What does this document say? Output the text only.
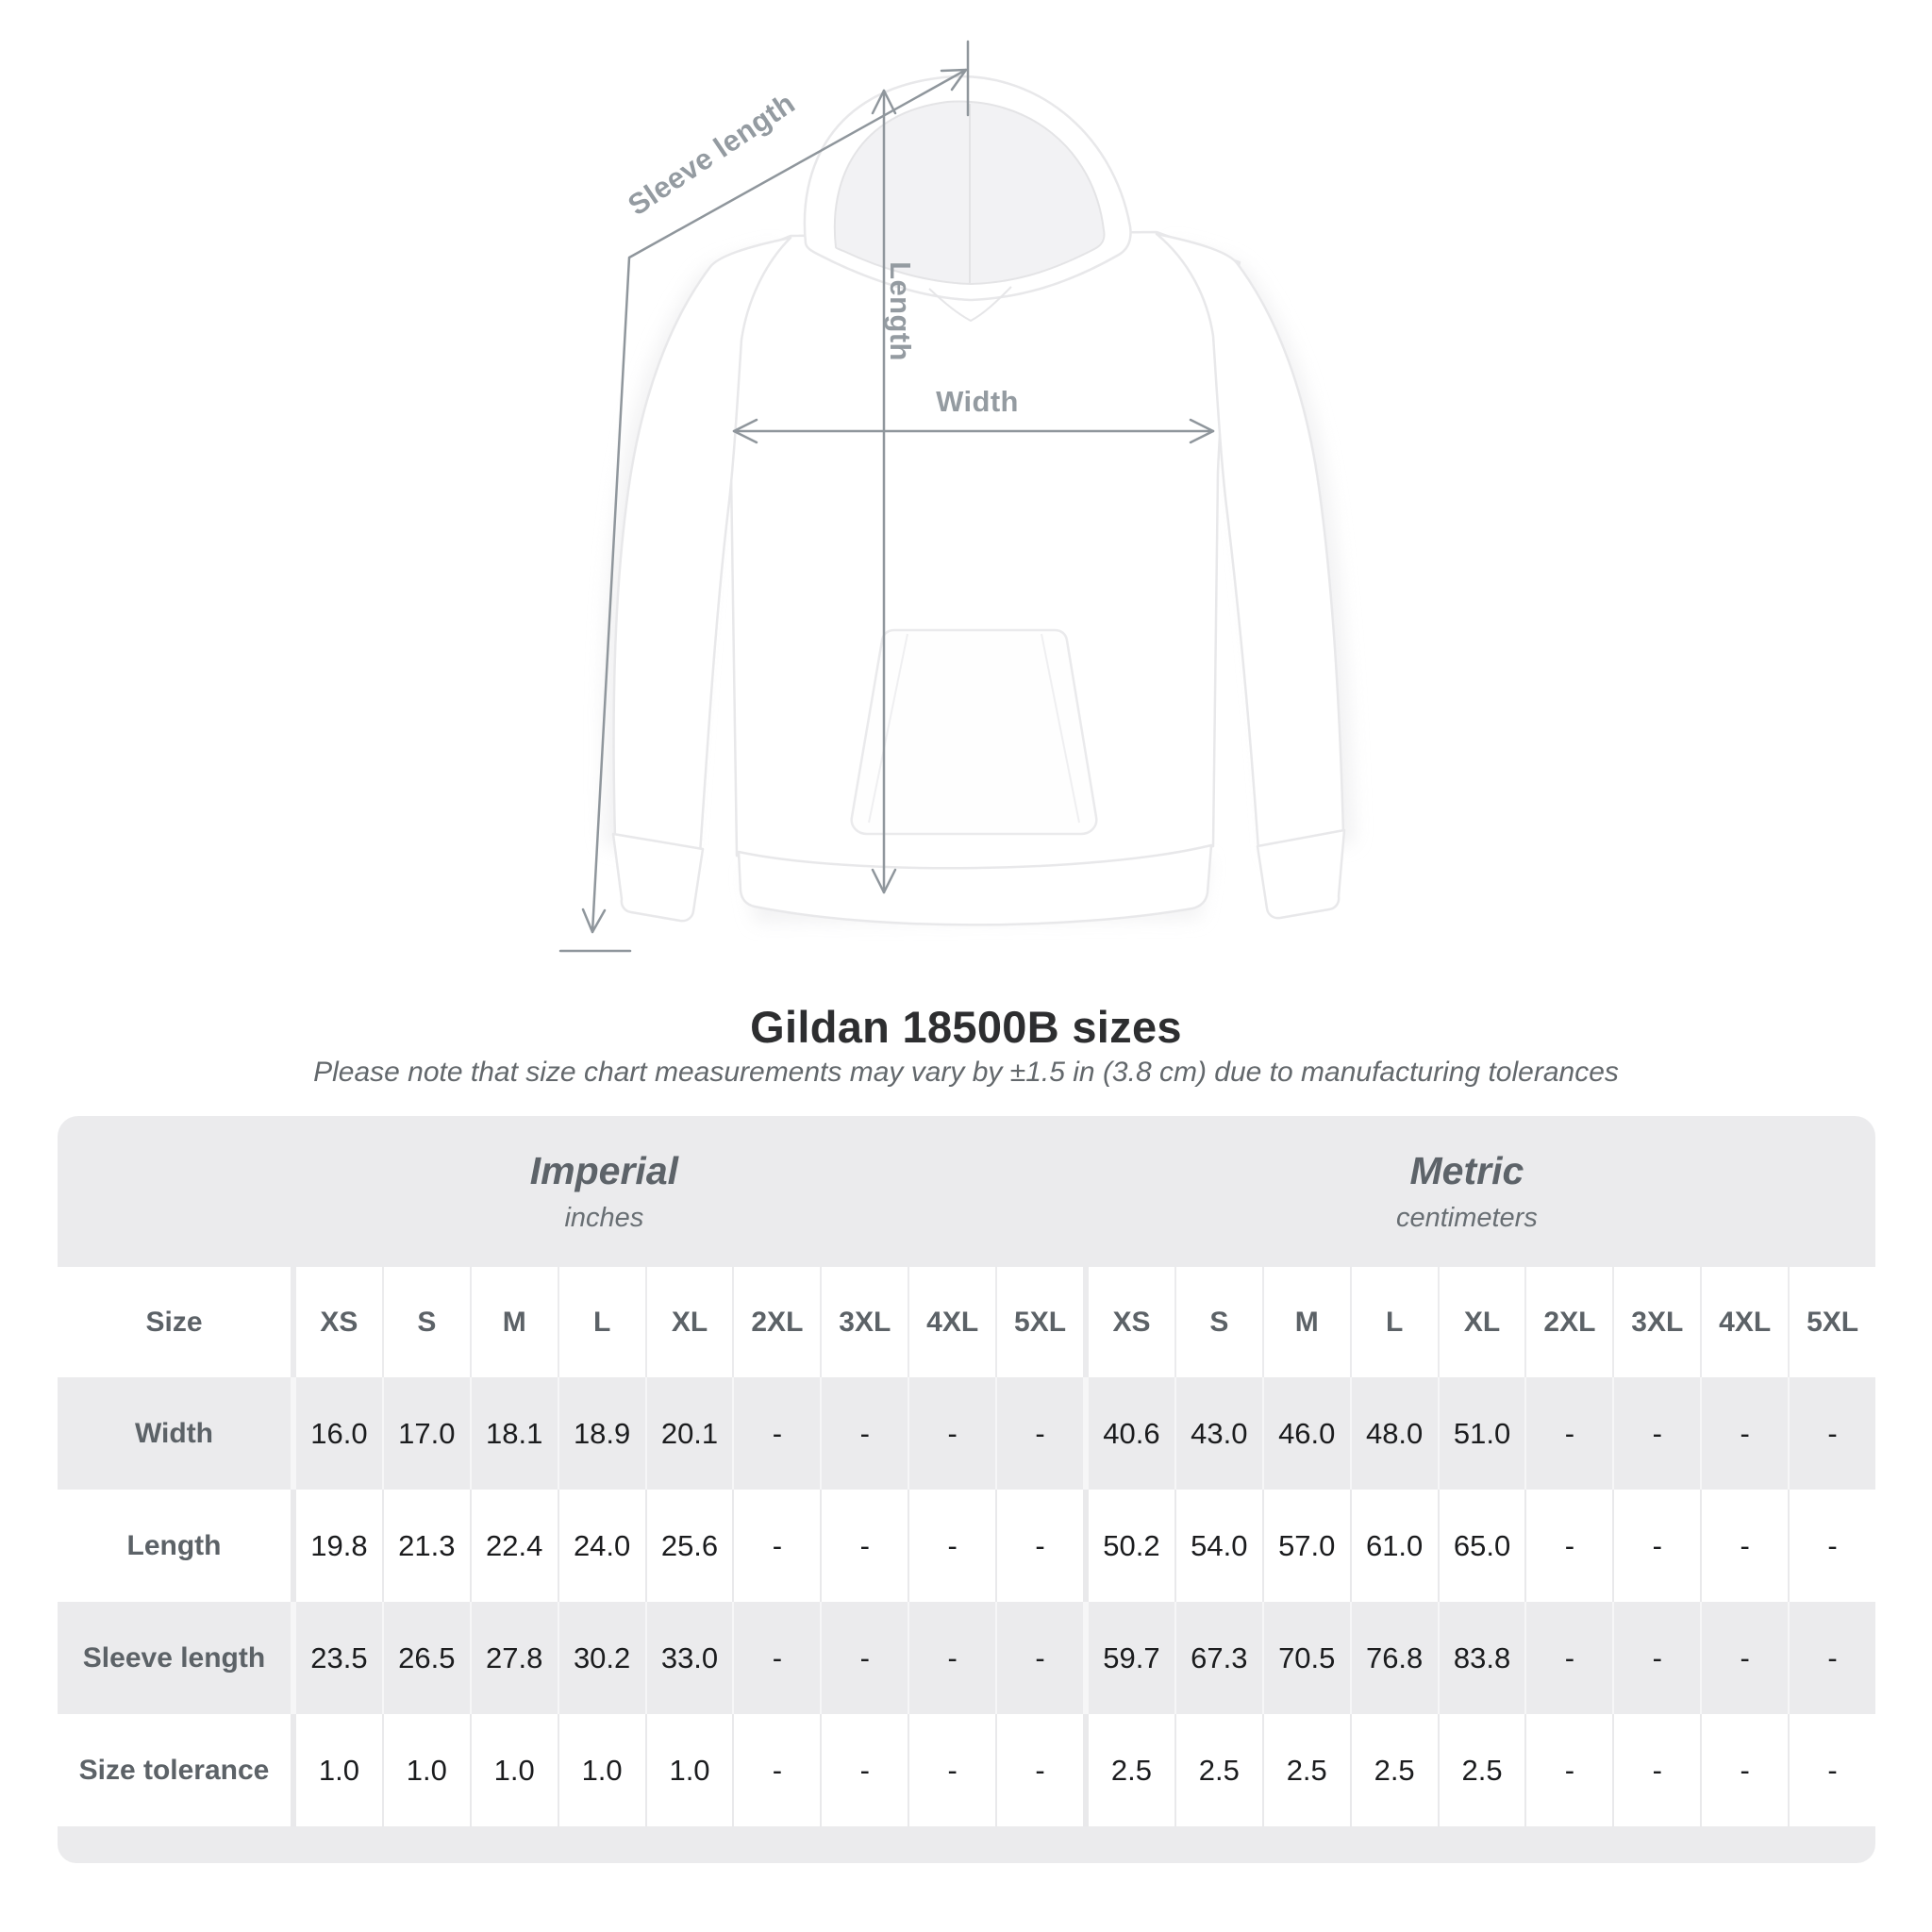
Sleeve length
Length
Width
Gildan 18500B sizes
Please note that size chart measurements may vary by ±1.5 in (3.8 cm) due to manufacturing tolerances
Imperial
inches
Metric
centimeters
Size	XS	S	M	L	XL	2XL	3XL	4XL	5XL	XS	S	M	L	XL	2XL	3XL	4XL	5XL
Width	16.0	17.0	18.1	18.9	20.1	-	-	-	-	40.6	43.0	46.0	48.0	51.0	-	-	-	-
Length	19.8	21.3	22.4	24.0	25.6	-	-	-	-	50.2	54.0	57.0	61.0	65.0	-	-	-	-
Sleeve length	23.5	26.5	27.8	30.2	33.0	-	-	-	-	59.7	67.3	70.5	76.8	83.8	-	-	-	-
Size tolerance	1.0	1.0	1.0	1.0	1.0	-	-	-	-	2.5	2.5	2.5	2.5	2.5	-	-	-	-
